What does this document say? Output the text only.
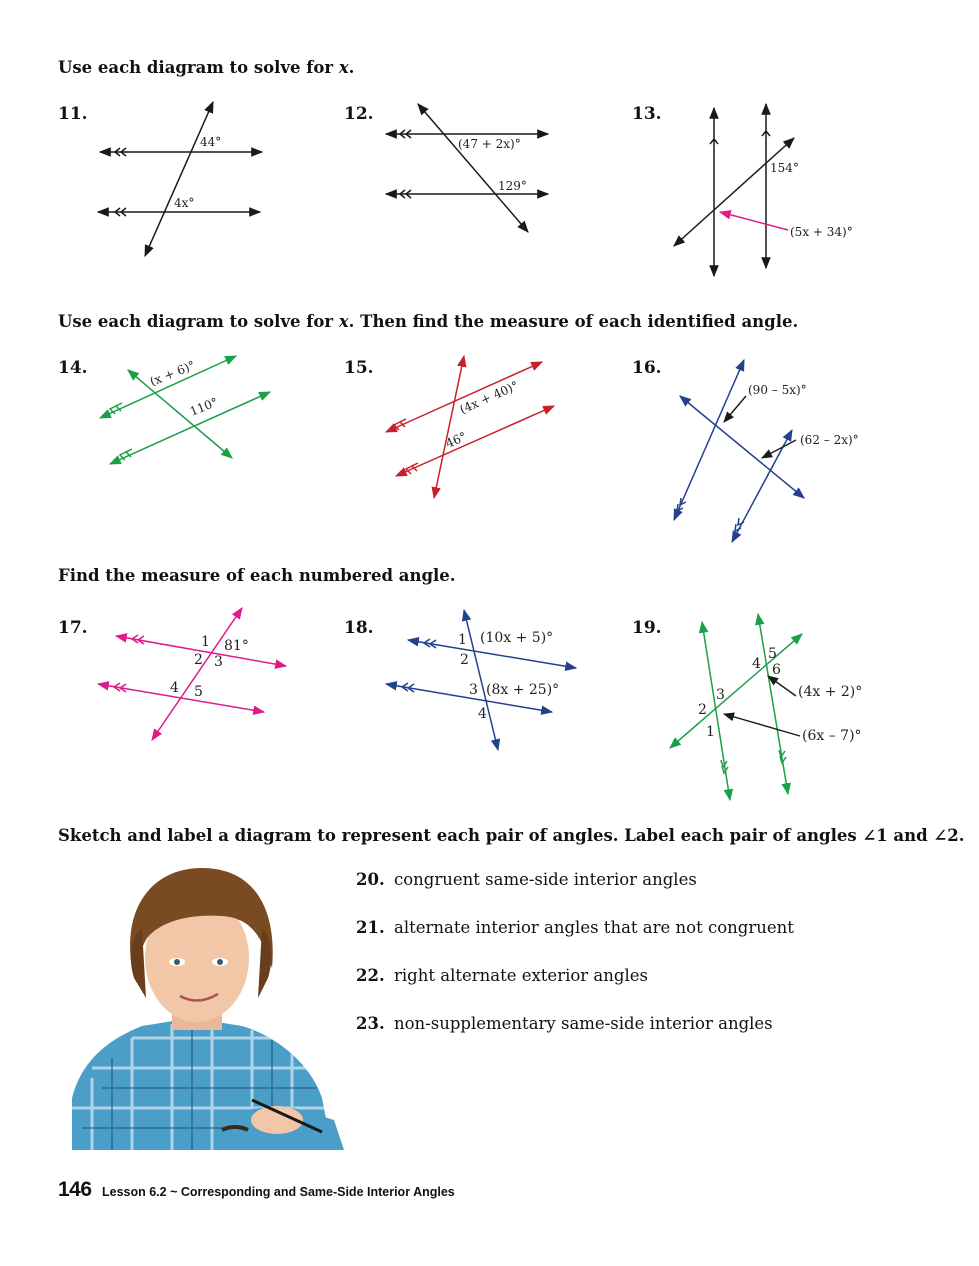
Use each diagram to solve for x.
11.	12.	13.
44°
4x°
(47 + 2x)°
129°
154°
(5x + 34)°
Use each diagram to solve for x. Then find the measure of each identified angle.
14.	15.	16.
(x + 6)°
110°	(4x + 40)°
46°
(90 – 5x)°
(62 – 2x)°
Find the measure of each numbered angle.
17.	18.	19.
1
2 3
4 5
81°	1
2
3
4
(10x + 5)°
(8x + 25)°
1
2
3
4
5
6
(4x + 2)°
(6x – 7)°
Sketch and label a diagram to represent each pair of angles. Label each pair of angles ∠1 and ∠2.
20. congruent same-side interior angles
21. alternate interior angles that are not congruent
22. right alternate exterior angles
23. non-supplementary same-side interior angles
146 Lesson 6.2 ~ Corresponding and Same-Side Interior Angles
